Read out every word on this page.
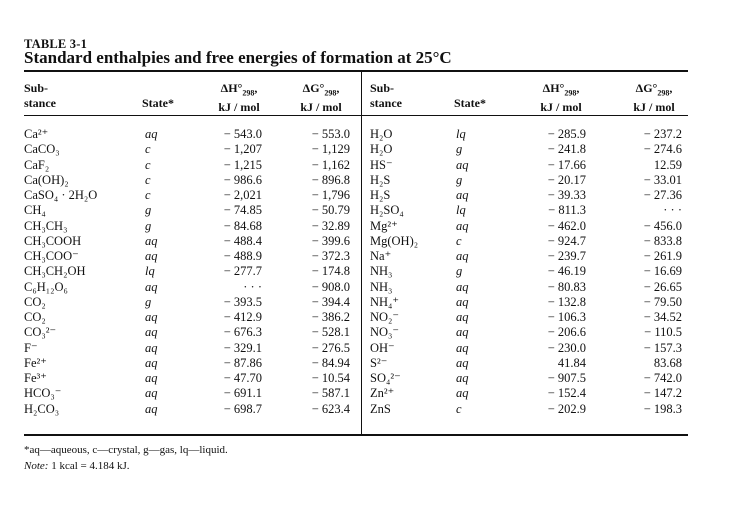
TABLE 3-1
Standard enthalpies and free energies of formation at 25°C
Sub-
stance	State*
$\Delta H^\circ_{298}$,
kJ / mol
$\Delta G^\circ_{298}$,
kJ / mol
Sub-
stance	State*
$\Delta H^\circ_{298}$,
kJ / mol
$\Delta G^\circ_{298}$,
kJ / mol
Ca²⁺
CaCO₃
CaF₂
Ca(OH)₂
CaSO₄ · 2H₂O
CH₄
CH₃CH₃
CH₃COOH
CH₃COO⁻
CH₃CH₂OH
C₆H₁₂O₆
CO₂
CO₂
CO₃²⁻
F⁻
Fe²⁺
Fe³⁺
HCO₃⁻
H₂CO₃
aq
c
c
c
c
g
g
aq
aq
lq
aq
g
aq
aq
aq
aq
aq
aq
aq
− 543.0
− 1,207
− 1,215
− 986.6
− 2,021
− 74.85
− 84.68
− 488.4
− 488.9
− 277.7
· · ·
− 393.5
− 412.9
− 676.3
− 329.1
− 87.86
− 47.70
− 691.1
− 698.7
− 553.0
− 1,129
− 1,162
− 896.8
− 1,796
− 50.79
− 32.89
− 399.6
− 372.3
− 174.8
− 908.0
− 394.4
− 386.2
− 528.1
− 276.5
− 84.94
− 10.54
− 587.1
− 623.4
H₂O
H₂O
HS⁻
H₂S
H₂S
H₂SO₄
Mg²⁺
Mg(OH)₂
Na⁺
NH₃
NH₃
NH₄⁺
NO₂⁻
NO₃⁻
OH⁻
S²⁻
SO₄²⁻
Zn²⁺
ZnS
lq
g
aq
g
aq
lq
aq
c
aq
g
aq
aq
aq
aq
aq
aq
aq
aq
c
− 285.9
− 241.8
− 17.66
− 20.17
− 39.33
− 811.3
− 462.0
− 924.7
− 239.7
− 46.19
− 80.83
− 132.8
− 106.3
− 206.6
− 230.0
41.84
− 907.5
− 152.4
− 202.9
− 237.2
− 274.6
12.59
− 33.01
− 27.36
· · ·
− 456.0
− 833.8
− 261.9
− 16.69
− 26.65
− 79.50
− 34.52
− 110.5
− 157.3
83.68
− 742.0
− 147.2
− 198.3
*aq—aqueous, c—crystal, g—gas, lq—liquid.
Note: 1 kcal = 4.184 kJ.
